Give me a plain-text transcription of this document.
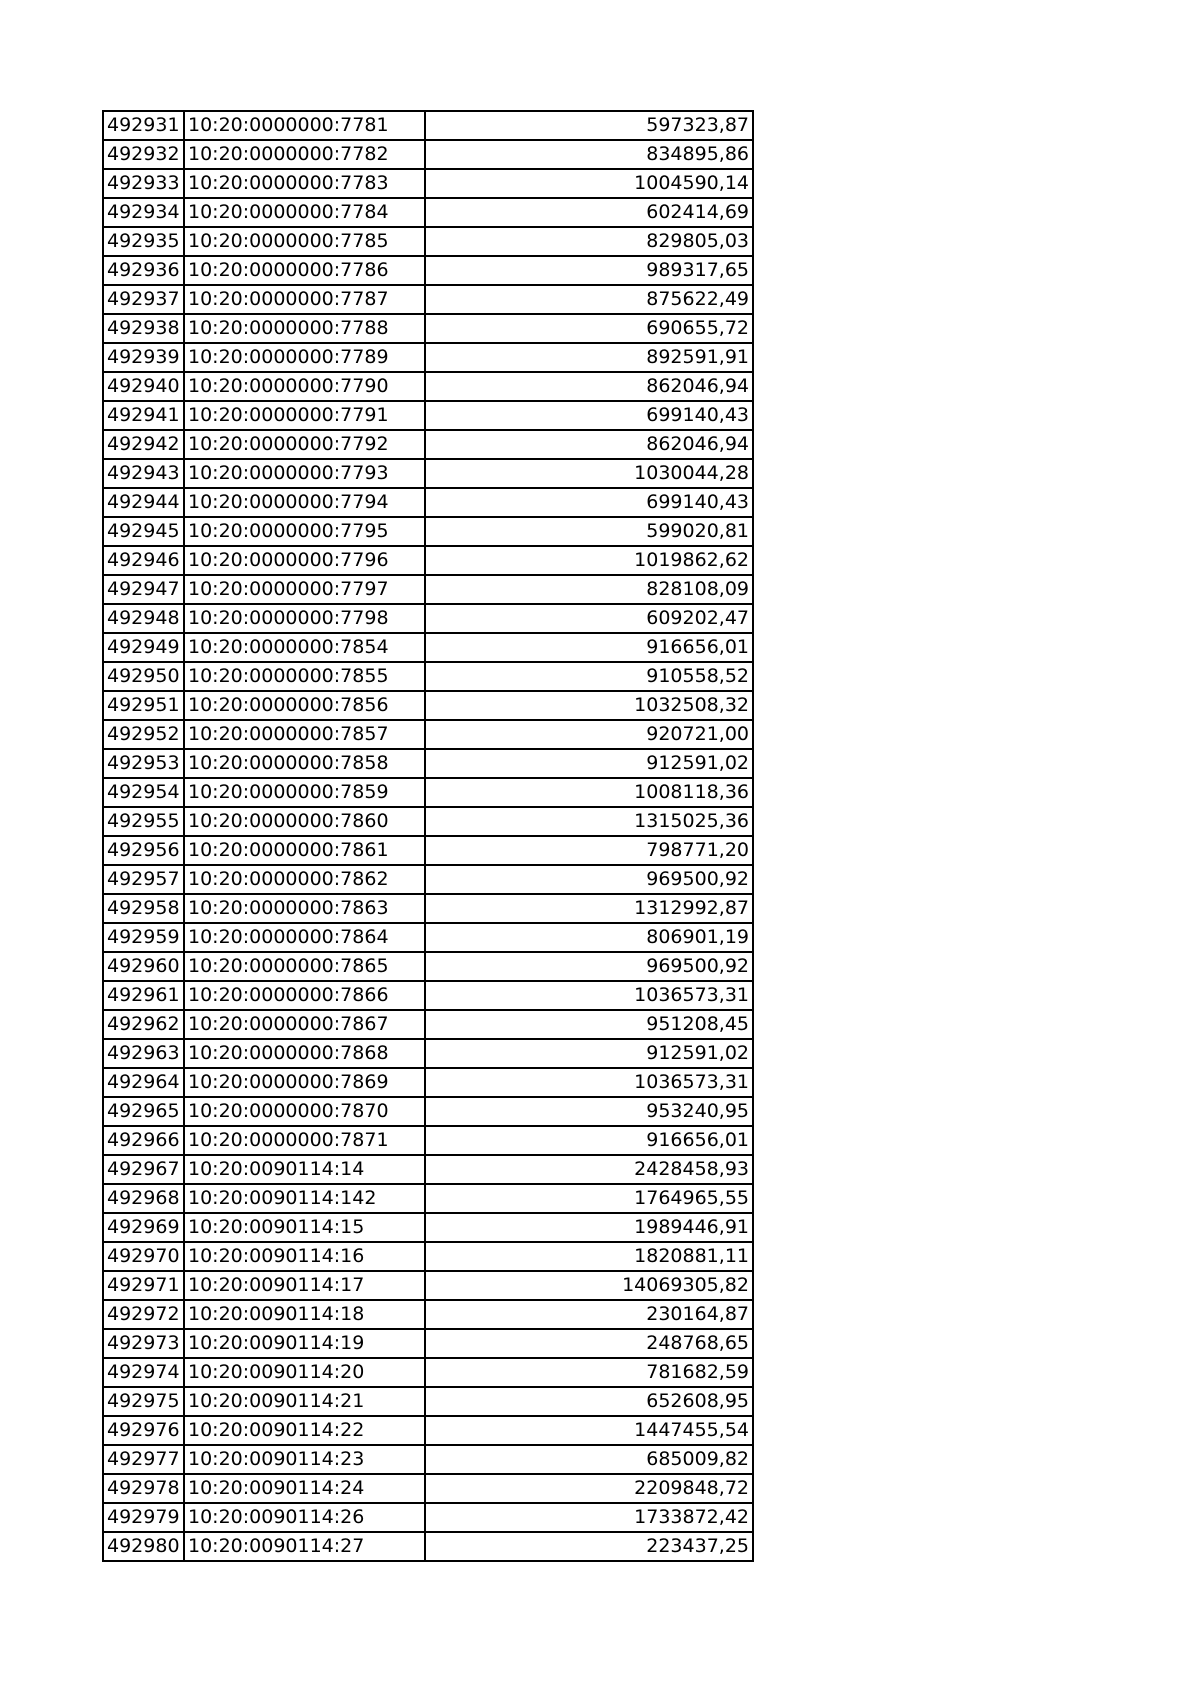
492931	10:20:0000000:7781	597323,87
492932	10:20:0000000:7782	834895,86
492933	10:20:0000000:7783	1004590,14
492934	10:20:0000000:7784	602414,69
492935	10:20:0000000:7785	829805,03
492936	10:20:0000000:7786	989317,65
492937	10:20:0000000:7787	875622,49
492938	10:20:0000000:7788	690655,72
492939	10:20:0000000:7789	892591,91
492940	10:20:0000000:7790	862046,94
492941	10:20:0000000:7791	699140,43
492942	10:20:0000000:7792	862046,94
492943	10:20:0000000:7793	1030044,28
492944	10:20:0000000:7794	699140,43
492945	10:20:0000000:7795	599020,81
492946	10:20:0000000:7796	1019862,62
492947	10:20:0000000:7797	828108,09
492948	10:20:0000000:7798	609202,47
492949	10:20:0000000:7854	916656,01
492950	10:20:0000000:7855	910558,52
492951	10:20:0000000:7856	1032508,32
492952	10:20:0000000:7857	920721,00
492953	10:20:0000000:7858	912591,02
492954	10:20:0000000:7859	1008118,36
492955	10:20:0000000:7860	1315025,36
492956	10:20:0000000:7861	798771,20
492957	10:20:0000000:7862	969500,92
492958	10:20:0000000:7863	1312992,87
492959	10:20:0000000:7864	806901,19
492960	10:20:0000000:7865	969500,92
492961	10:20:0000000:7866	1036573,31
492962	10:20:0000000:7867	951208,45
492963	10:20:0000000:7868	912591,02
492964	10:20:0000000:7869	1036573,31
492965	10:20:0000000:7870	953240,95
492966	10:20:0000000:7871	916656,01
492967	10:20:0090114:14	2428458,93
492968	10:20:0090114:142	1764965,55
492969	10:20:0090114:15	1989446,91
492970	10:20:0090114:16	1820881,11
492971	10:20:0090114:17	14069305,82
492972	10:20:0090114:18	230164,87
492973	10:20:0090114:19	248768,65
492974	10:20:0090114:20	781682,59
492975	10:20:0090114:21	652608,95
492976	10:20:0090114:22	1447455,54
492977	10:20:0090114:23	685009,82
492978	10:20:0090114:24	2209848,72
492979	10:20:0090114:26	1733872,42
492980	10:20:0090114:27	223437,25
